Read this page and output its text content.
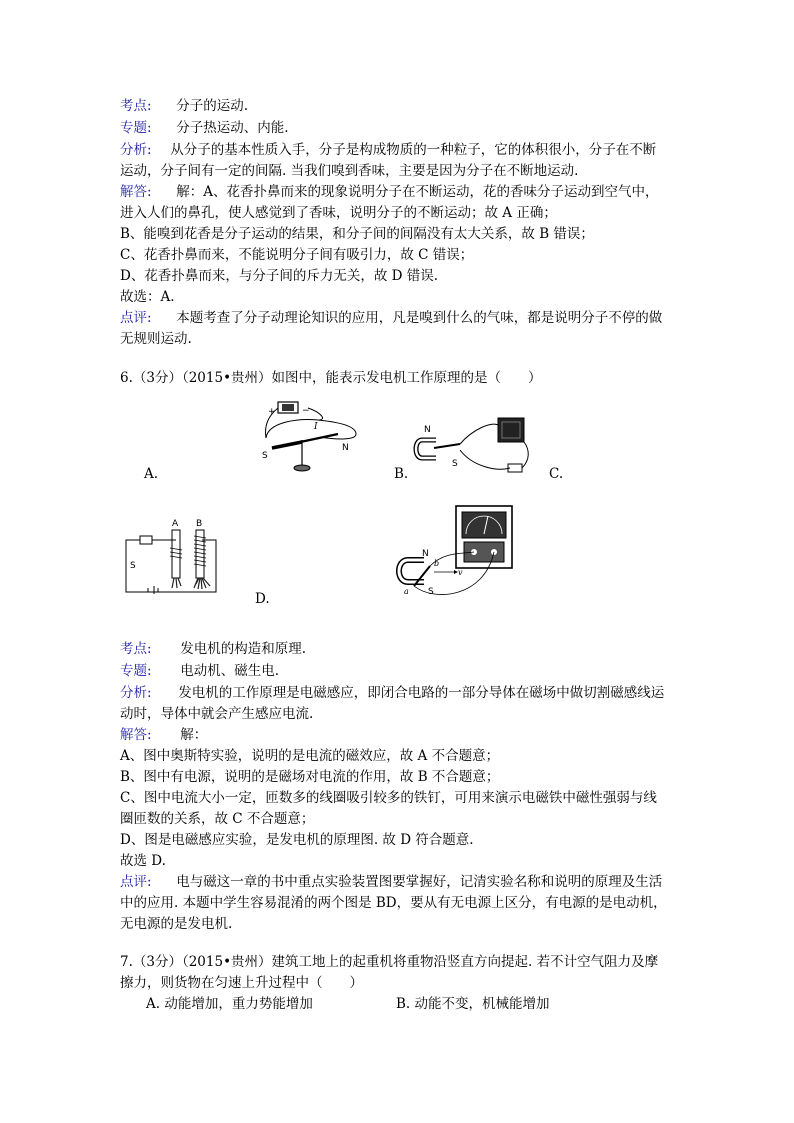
考点: 分子的运动.
专题: 分子热运动、内能.
分析: 从分子的基本性质入手，分子是构成物质的一种粒子，它的体积很小，分子在不断
运动，分子间有一定的间隔. 当我们嗅到香味，主要是因为分子在不断地运动.
解答: 解：A、花香扑鼻而来的现象说明分子在不断运动，花的香味分子运动到空气中，
进入人们的鼻孔，使人感觉到了香味，说明分子的不断运动；故 A 正确；
B、能嗅到花香是分子运动的结果，和分子间的间隔没有太大关系，故 B 错误；
C、花香扑鼻而来，不能说明分子间有吸引力，故 C 错误；
D、花香扑鼻而来，与分子间的斥力无关，故 D 错误.
故选：A.
点评: 本题考查了分子动理论知识的应用，凡是嗅到什么的气味，都是说明分子不停的做
无规则运动.
6.（3分）（2015•贵州）如图中，能表示发电机工作原理的是（　　）
+	−
I
S
N
A.
N
S
B.	C.
S
A B
N
S
b
a
v
D.
考点: 发电机的构造和原理.
专题: 电动机、磁生电.
分析: 发电机的工作原理是电磁感应，即闭合电路的一部分导体在磁场中做切割磁感线运
动时，导体中就会产生感应电流.
解答: 解：
A、图中奥斯特实验，说明的是电流的磁效应，故 A 不合题意；
B、图中有电源，说明的是磁场对电流的作用，故 B 不合题意；
C、图中电流大小一定，匝数多的线圈吸引较多的铁钉，可用来演示电磁铁中磁性强弱与线
圈匝数的关系，故 C 不合题意；
D、图是电磁感应实验，是发电机的原理图. 故 D 符合题意.
故选 D.
点评: 电与磁这一章的书中重点实验装置图要掌握好，记清实验名称和说明的原理及生活
中的应用. 本题中学生容易混淆的两个图是 BD，要从有无电源上区分，有电源的是电动机，
无电源的是发电机.
7.（3分）（2015•贵州）建筑工地上的起重机将重物沿竖直方向提起. 若不计空气阻力及摩
擦力，则货物在匀速上升过程中（　　）
A. 动能增加，重力势能增加	B. 动能不变，机械能增加
